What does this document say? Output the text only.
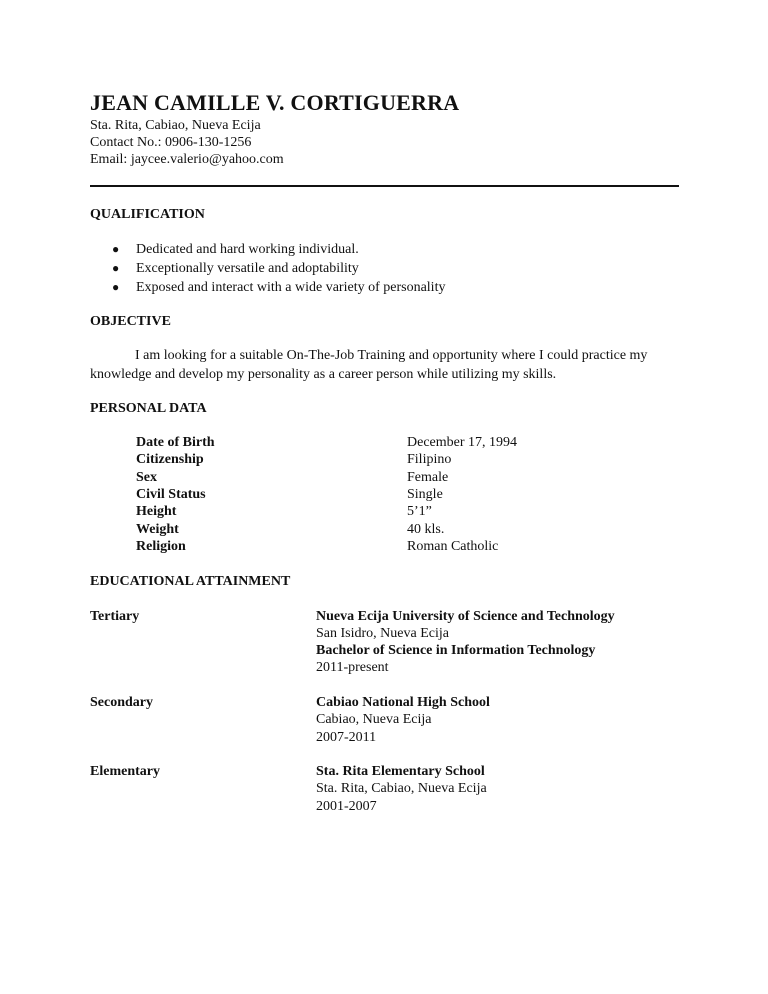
JEAN CAMILLE V. CORTIGUERRA
Sta. Rita, Cabiao, Nueva Ecija
Contact No.: 0906-130-1256
Email: jaycee.valerio@yahoo.com
QUALIFICATION
● Dedicated and hard working individual.
● Exceptionally versatile and adoptability
● Exposed and interact with a wide variety of personality
OBJECTIVE
I am looking for a suitable On-The-Job Training and opportunity where I could practice my knowledge and develop my personality as a career person while utilizing my skills.
PERSONAL DATA
Date of Birth	December 17, 1994
Citizenship	Filipino
Sex	Female
Civil Status	Single
Height	5’1”
Weight	40 kls.
Religion	Roman Catholic
EDUCATIONAL ATTAINMENT
Tertiary	Nueva Ecija University of Science and Technology
San Isidro, Nueva Ecija
Bachelor of Science in Information Technology
2011-present
Secondary	Cabiao National High School
Cabiao, Nueva Ecija
2007-2011
Elementary	Sta. Rita Elementary School
Sta. Rita, Cabiao, Nueva Ecija
2001-2007
